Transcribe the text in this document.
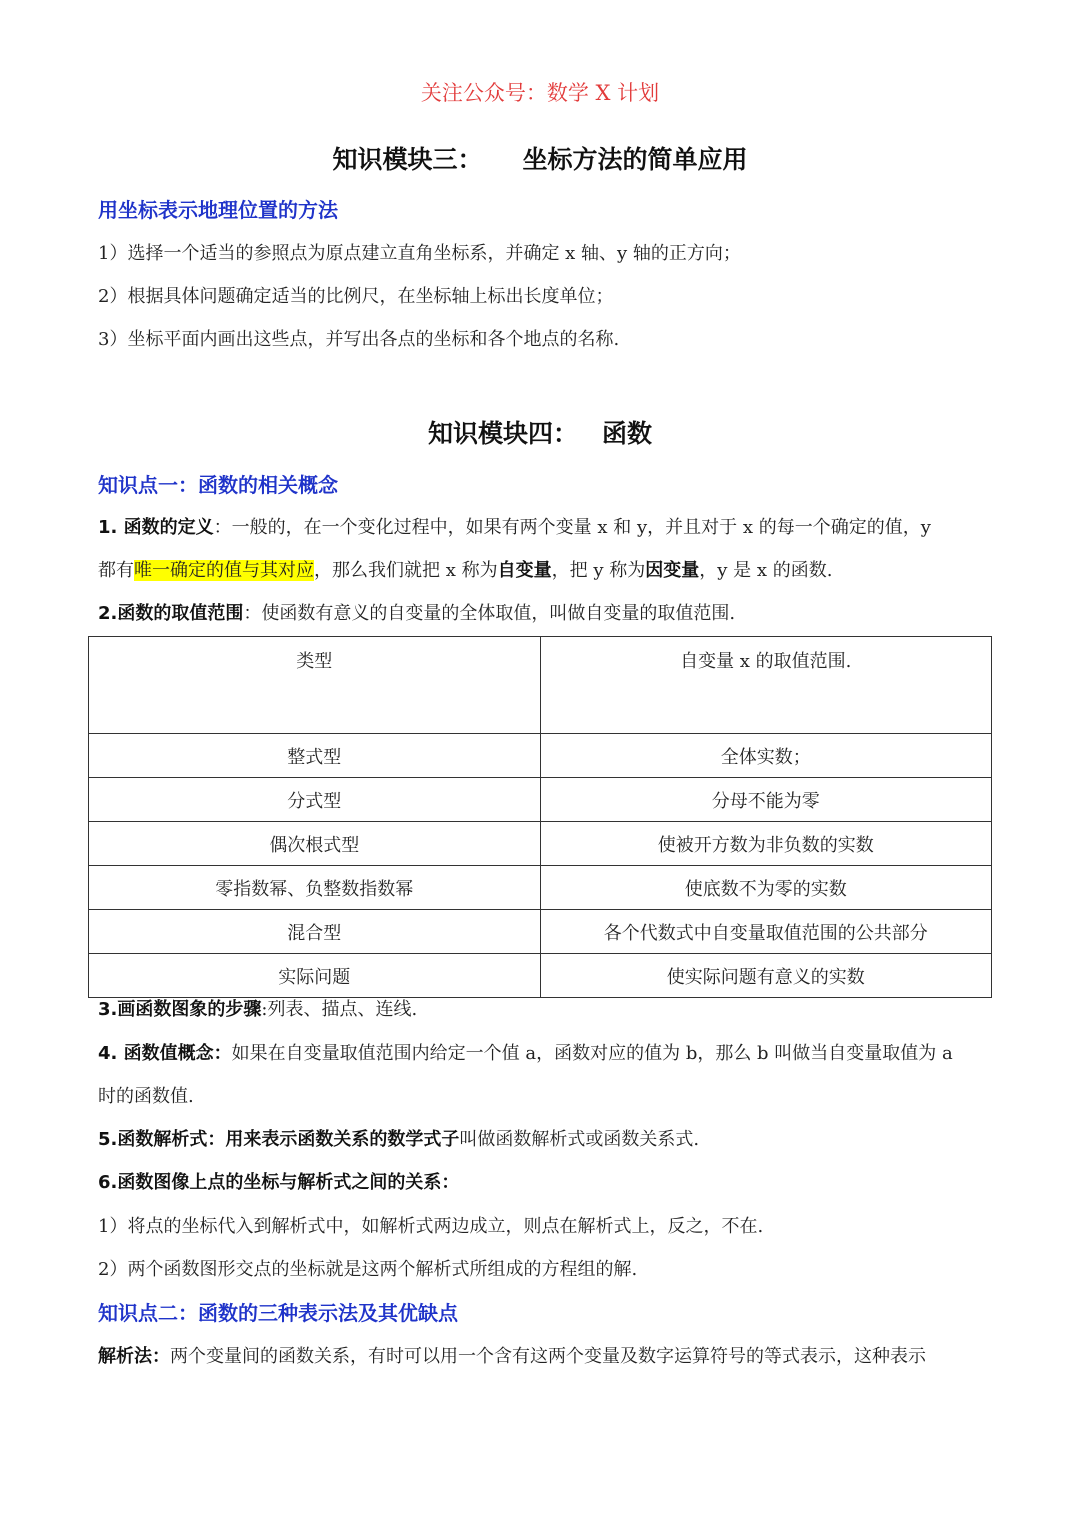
关注公众号：数学 X 计划
知识模块三： 坐标方法的简单应用
用坐标表示地理位置的方法
1）选择一个适当的参照点为原点建立直角坐标系，并确定 x 轴、y 轴的正方向；
2）根据具体问题确定适当的比例尺，在坐标轴上标出长度单位；
3）坐标平面内画出这些点，并写出各点的坐标和各个地点的名称.
知识模块四： 函数
知识点一：函数的相关概念
1. 函数的定义：一般的，在一个变化过程中，如果有两个变量 x 和 y，并且对于 x 的每一个确定的值，y
都有唯一确定的值与其对应，那么我们就把 x 称为自变量，把 y 称为因变量，y 是 x 的函数.
2.函数的取值范围：使函数有意义的自变量的全体取值，叫做自变量的取值范围.
类型	自变量 x 的取值范围.
整式型	全体实数；
分式型	分母不能为零
偶次根式型	使被开方数为非负数的实数
零指数幂、负整数指数幂	使底数不为零的实数
混合型	各个代数式中自变量取值范围的公共部分
实际问题	使实际问题有意义的实数
3.画函数图象的步骤:列表、描点、连线.
4. 函数值概念：如果在自变量取值范围内给定一个值 a，函数对应的值为 b，那么 b 叫做当自变量取值为 a
时的函数值.
5.函数解析式：用来表示函数关系的数学式子叫做函数解析式或函数关系式.
6.函数图像上点的坐标与解析式之间的关系：
1）将点的坐标代入到解析式中，如解析式两边成立，则点在解析式上，反之，不在.
2）两个函数图形交点的坐标就是这两个解析式所组成的方程组的解.
知识点二：函数的三种表示法及其优缺点
解析法：两个变量间的函数关系，有时可以用一个含有这两个变量及数字运算符号的等式表示，这种表示
